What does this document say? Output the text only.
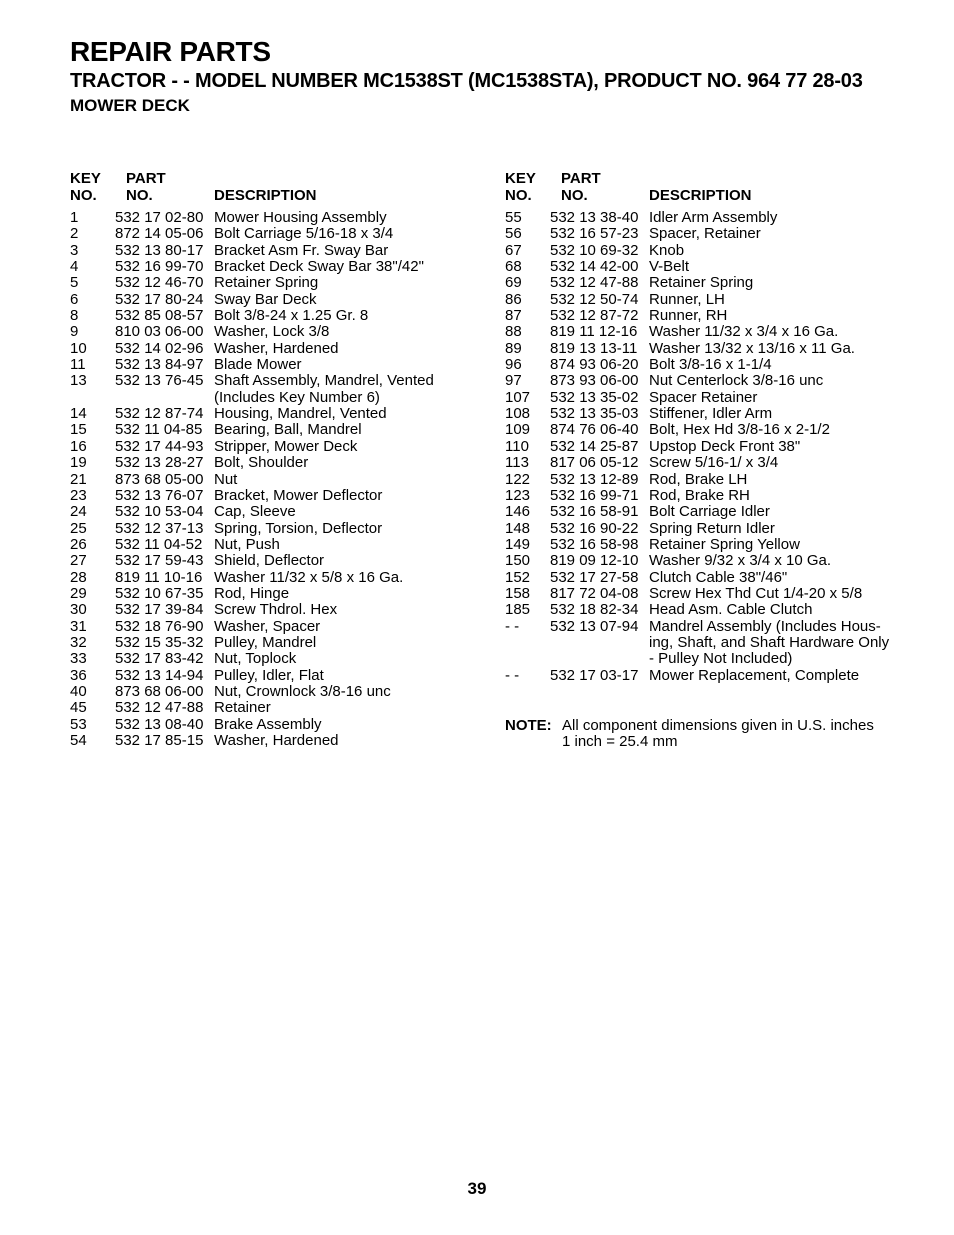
REPAIR PARTS
TRACTOR - - MODEL NUMBER MC1538ST (MC1538STA), PRODUCT NO. 964 77 28-03
MOWER DECK
KEY
NO.
PART
NO.	DESCRIPTION
1 532 17 02-80 Mower Housing Assembly
2 872 14 05-06 Bolt Carriage 5/16-18 x 3/4
3 532 13 80-17 Bracket Asm Fr. Sway Bar
4 532 16 99-70 Bracket Deck Sway Bar 38"/42"
5 532 12 46-70 Retainer Spring
6 532 17 80-24 Sway Bar Deck
8 532 85 08-57 Bolt 3/8-24 x 1.25 Gr. 8
9 810 03 06-00 Washer, Lock 3/8
10 532 14 02-96 Washer, Hardened
11 532 13 84-97 Blade Mower
13 532 13 76-45 Shaft Assembly, Mandrel, Vented
(Includes Key Number 6)
14 532 12 87-74 Housing, Mandrel, Vented
15 532 11 04-85 Bearing, Ball, Mandrel
16 532 17 44-93 Stripper, Mower Deck
19 532 13 28-27 Bolt, Shoulder
21 873 68 05-00 Nut
23 532 13 76-07 Bracket, Mower Deflector
24 532 10 53-04 Cap, Sleeve
25 532 12 37-13 Spring, Torsion, Deflector
26 532 11 04-52 Nut, Push
27 532 17 59-43 Shield, Deflector
28 819 11 10-16 Washer 11/32 x 5/8 x 16 Ga.
29 532 10 67-35 Rod, Hinge
30 532 17 39-84 Screw Thdrol. Hex
31 532 18 76-90 Washer, Spacer
32 532 15 35-32 Pulley, Mandrel
33 532 17 83-42 Nut, Toplock
36 532 13 14-94 Pulley, Idler, Flat
40 873 68 06-00 Nut, Crownlock 3/8-16 unc
45 532 12 47-88 Retainer
53 532 13 08-40 Brake Assembly
54 532 17 85-15 Washer, Hardened
KEY
NO.
PART
NO.	DESCRIPTION
55 532 13 38-40 Idler Arm Assembly
56 532 16 57-23 Spacer, Retainer
67 532 10 69-32 Knob
68 532 14 42-00 V-Belt
69 532 12 47-88 Retainer Spring
86 532 12 50-74 Runner, LH
87 532 12 87-72 Runner, RH
88 819 11 12-16 Washer 11/32 x 3/4 x 16 Ga.
89 819 13 13-11 Washer 13/32 x 13/16 x 11 Ga.
96 874 93 06-20 Bolt 3/8-16 x 1-1/4
97 873 93 06-00 Nut Centerlock 3/8-16 unc
107 532 13 35-02 Spacer Retainer
108 532 13 35-03 Stiffener, Idler Arm
109 874 76 06-40 Bolt, Hex Hd 3/8-16 x 2-1/2
110 532 14 25-87 Upstop Deck Front 38"
113 817 06 05-12 Screw 5/16-1/ x 3/4
122 532 13 12-89 Rod, Brake LH
123 532 16 99-71 Rod, Brake RH
146 532 16 58-91 Bolt Carriage Idler
148 532 16 90-22 Spring Return Idler
149 532 16 58-98 Retainer Spring Yellow
150 819 09 12-10 Washer 9/32 x 3/4 x 10 Ga.
152 532 17 27-58 Clutch Cable 38"/46"
158 817 72 04-08 Screw Hex Thd Cut 1/4-20 x 5/8
185 532 18 82-34 Head Asm. Cable Clutch
- - 532 13 07-94 Mandrel Assembly (Includes Hous-
ing, Shaft, and Shaft Hardware Only
- Pulley Not Included)
- - 532 17 03-17 Mower Replacement, Complete
NOTE: All component dimensions given in U.S. inches
1 inch = 25.4 mm
39
